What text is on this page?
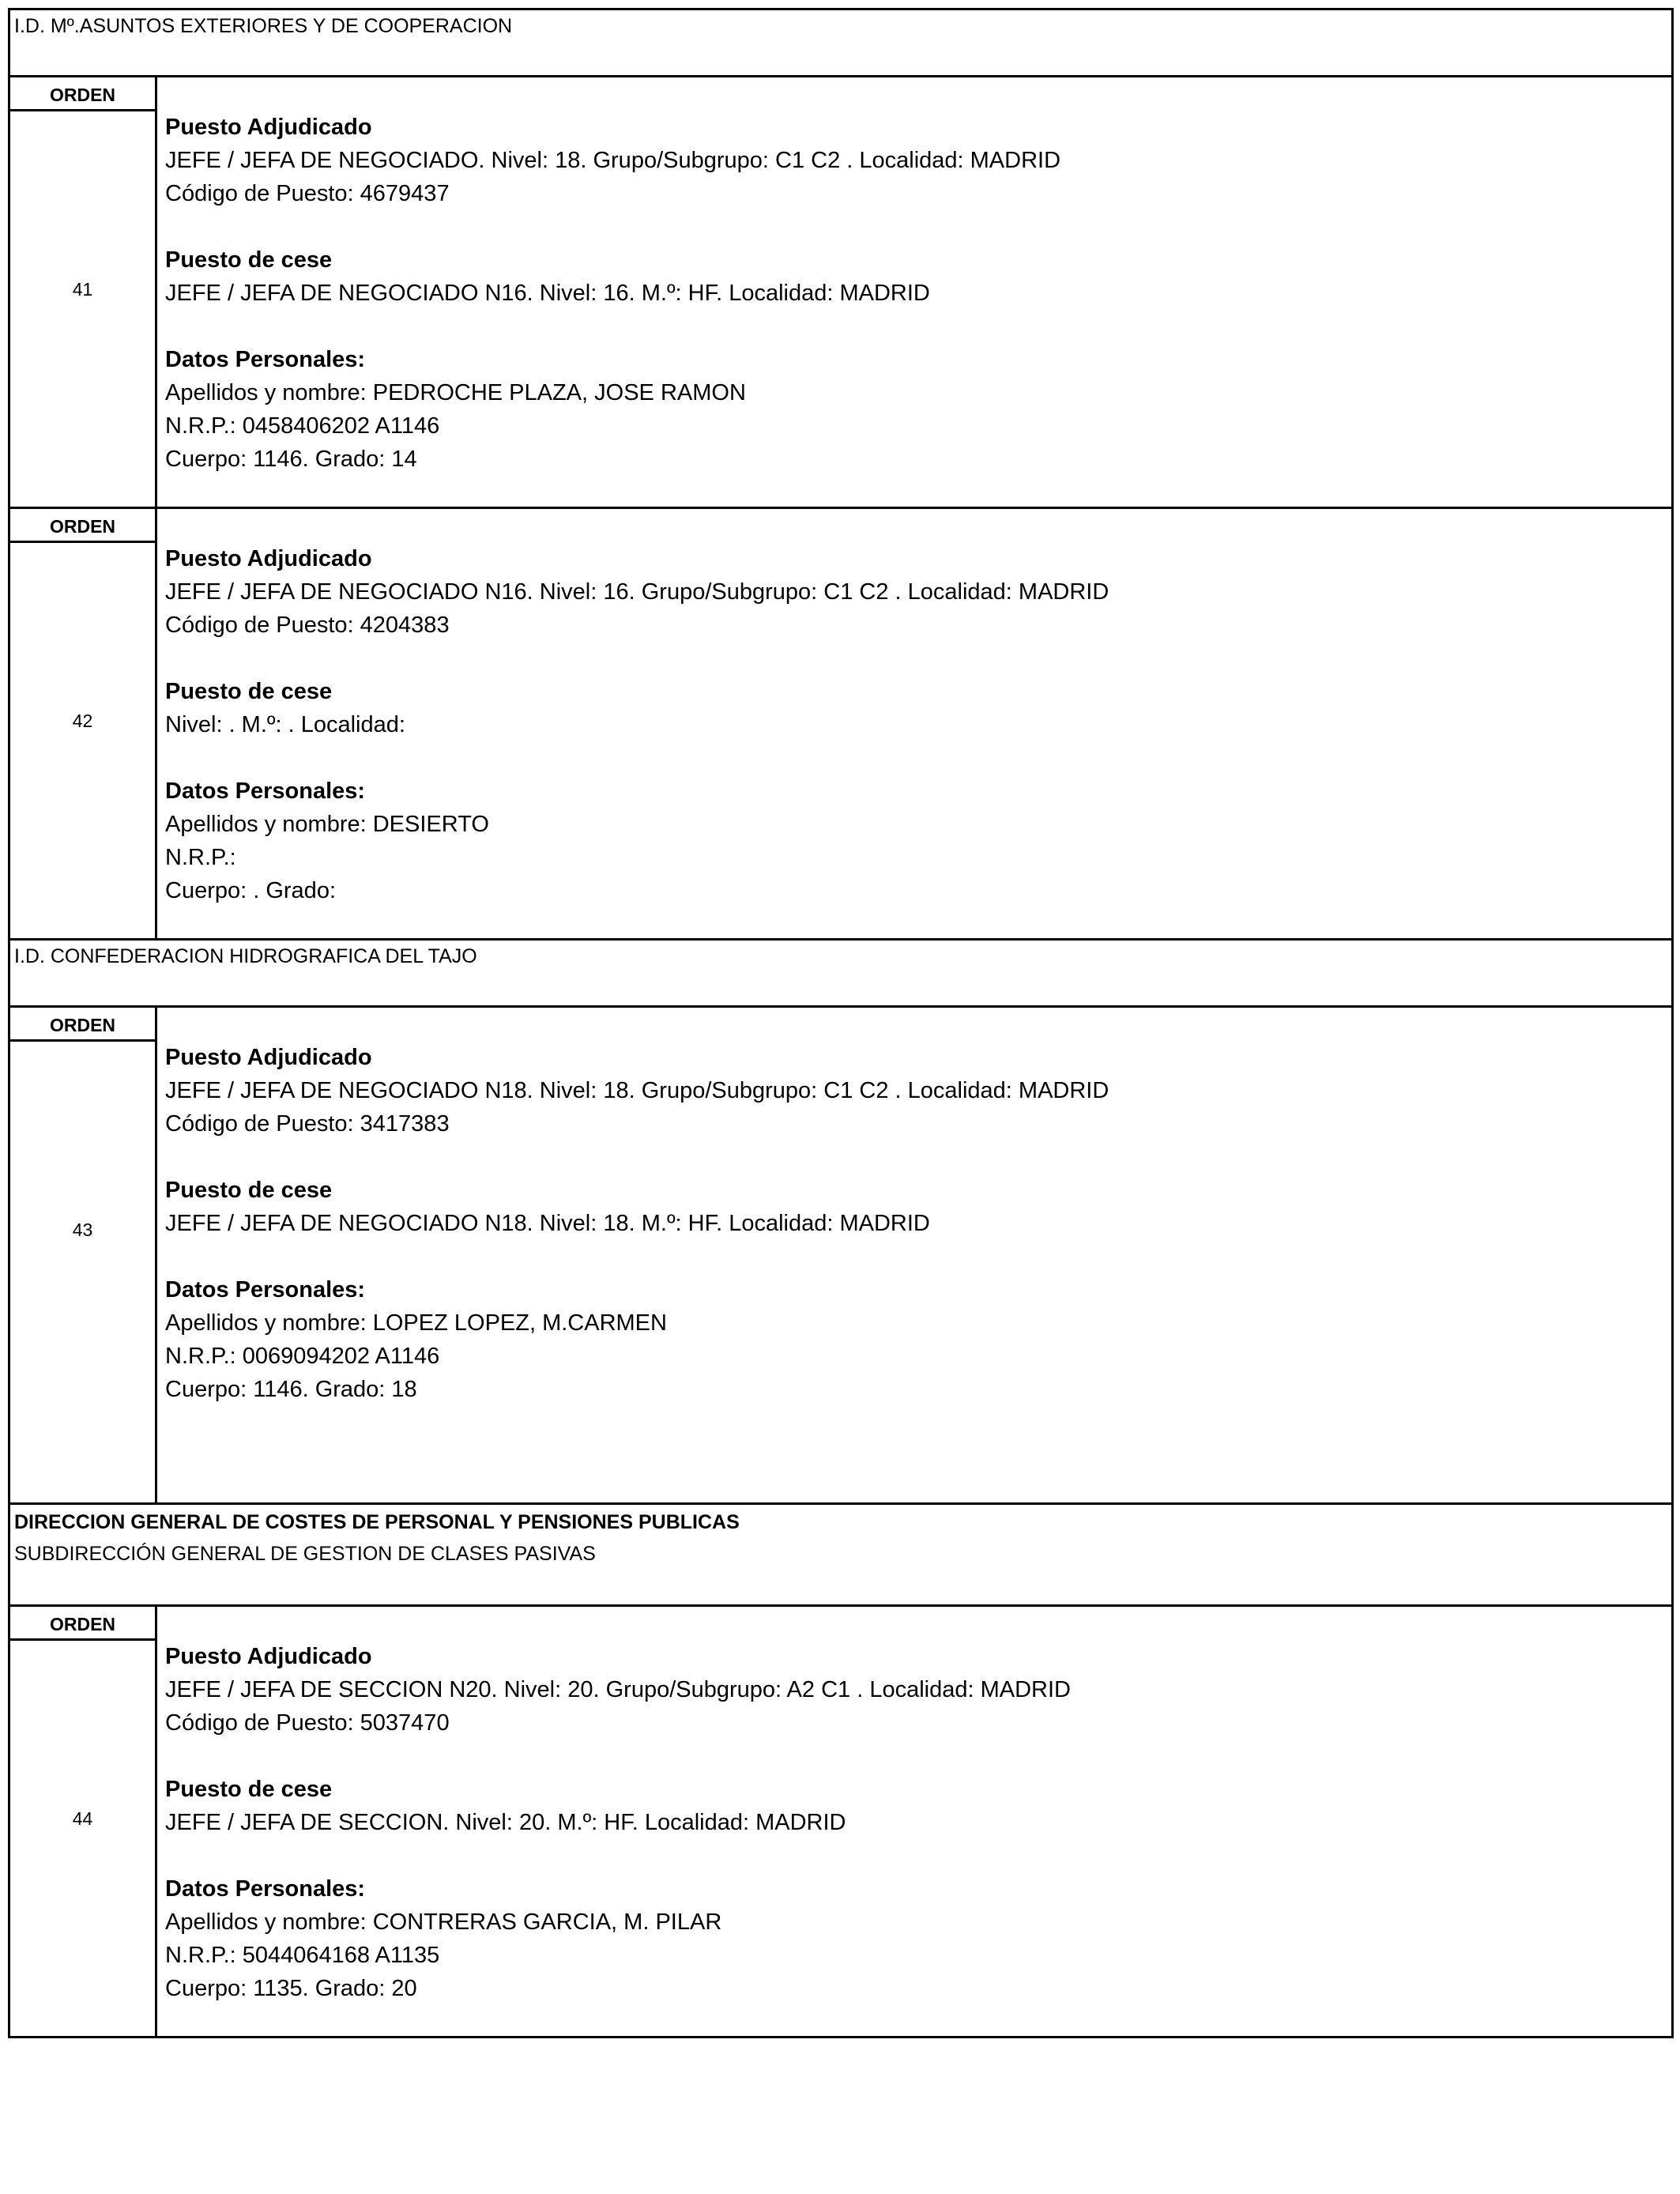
I.D. Mº.ASUNTOS EXTERIORES Y DE COOPERACION
ORDEN
41
Puesto Adjudicado
JEFE / JEFA DE NEGOCIADO. Nivel: 18. Grupo/Subgrupo: C1 C2 . Localidad: MADRID
Código de Puesto: 4679437
Puesto de cese
JEFE / JEFA DE NEGOCIADO N16. Nivel: 16. M.º: HF. Localidad: MADRID
Datos Personales:
Apellidos y nombre: PEDROCHE PLAZA, JOSE RAMON
N.R.P.: 0458406202 A1146
Cuerpo: 1146. Grado: 14
ORDEN
42
Puesto Adjudicado
JEFE / JEFA DE NEGOCIADO N16. Nivel: 16. Grupo/Subgrupo: C1 C2 . Localidad: MADRID
Código de Puesto: 4204383
Puesto de cese
Nivel: . M.º: . Localidad:
Datos Personales:
Apellidos y nombre: DESIERTO
N.R.P.:
Cuerpo: . Grado:
I.D. CONFEDERACION HIDROGRAFICA DEL TAJO
ORDEN
43
Puesto Adjudicado
JEFE / JEFA DE NEGOCIADO N18. Nivel: 18. Grupo/Subgrupo: C1 C2 . Localidad: MADRID
Código de Puesto: 3417383
Puesto de cese
JEFE / JEFA DE NEGOCIADO N18. Nivel: 18. M.º: HF. Localidad: MADRID
Datos Personales:
Apellidos y nombre: LOPEZ LOPEZ, M.CARMEN
N.R.P.: 0069094202 A1146
Cuerpo: 1146. Grado: 18
DIRECCION GENERAL DE COSTES DE PERSONAL Y PENSIONES PUBLICAS
SUBDIRECCIÓN GENERAL DE GESTION DE CLASES PASIVAS
ORDEN
44
Puesto Adjudicado
JEFE / JEFA DE SECCION N20. Nivel: 20. Grupo/Subgrupo: A2 C1 . Localidad: MADRID
Código de Puesto: 5037470
Puesto de cese
JEFE / JEFA DE SECCION. Nivel: 20. M.º: HF. Localidad: MADRID
Datos Personales:
Apellidos y nombre: CONTRERAS GARCIA, M. PILAR
N.R.P.: 5044064168 A1135
Cuerpo: 1135. Grado: 20
